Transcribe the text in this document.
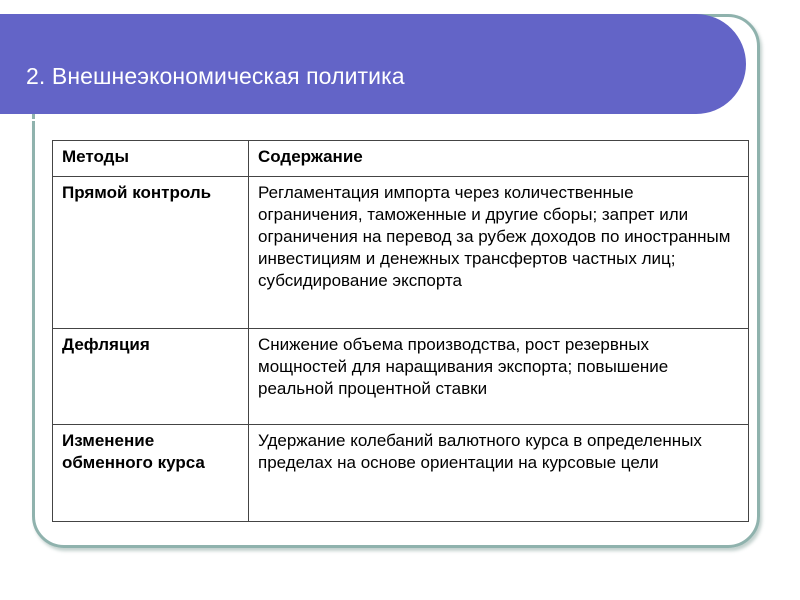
2. Внешнеэкономическая политика
Методы	Содержание
Прямой контроль	Регламентация импорта через количественные ограничения, таможенные и другие сборы; запрет или ограничения на перевод за рубеж доходов по иностранным инвестициям и денежных трансфертов частных лиц; субсидирование экспорта
Дефляция	Снижение объема производства, рост резервных мощностей для наращивания экспорта; повышение реальной процентной ставки
Изменение обменного курса	Удержание колебаний валютного курса в определенных пределах на основе ориентации на курсовые цели
